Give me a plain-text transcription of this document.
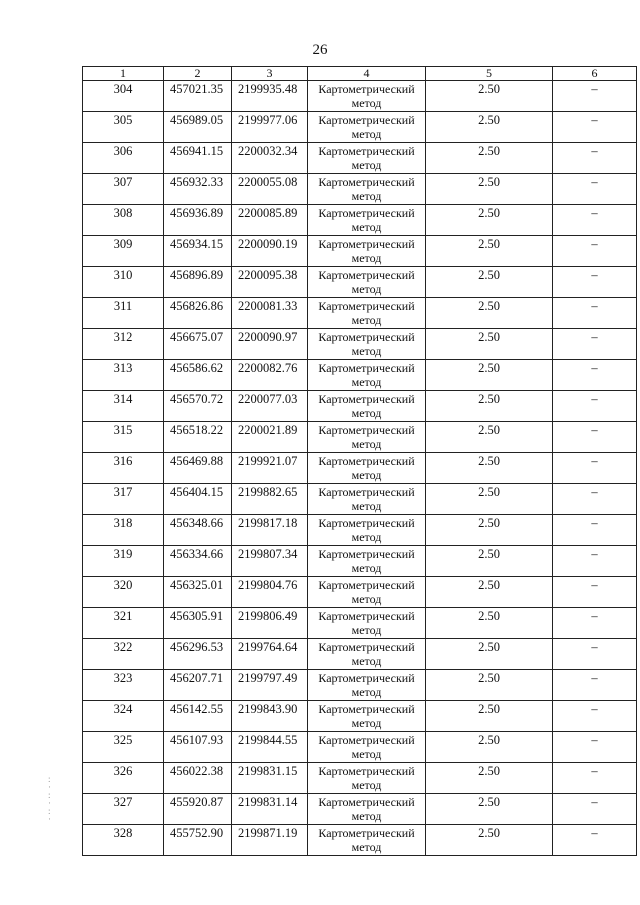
26
1	2	3	4	5	6
304	457021.35	2199935.48	Картометрический метод	2.50	–
305	456989.05	2199977.06	Картометрический метод	2.50	–
306	456941.15	2200032.34	Картометрический метод	2.50	–
307	456932.33	2200055.08	Картометрический метод	2.50	–
308	456936.89	2200085.89	Картометрический метод	2.50	–
309	456934.15	2200090.19	Картометрический метод	2.50	–
310	456896.89	2200095.38	Картометрический метод	2.50	–
311	456826.86	2200081.33	Картометрический метод	2.50	–
312	456675.07	2200090.97	Картометрический метод	2.50	–
313	456586.62	2200082.76	Картометрический метод	2.50	–
314	456570.72	2200077.03	Картометрический метод	2.50	–
315	456518.22	2200021.89	Картометрический метод	2.50	–
316	456469.88	2199921.07	Картометрический метод	2.50	–
317	456404.15	2199882.65	Картометрический метод	2.50	–
318	456348.66	2199817.18	Картометрический метод	2.50	–
319	456334.66	2199807.34	Картометрический метод	2.50	–
320	456325.01	2199804.76	Картометрический метод	2.50	–
321	456305.91	2199806.49	Картометрический метод	2.50	–
322	456296.53	2199764.64	Картометрический метод	2.50	–
323	456207.71	2199797.49	Картометрический метод	2.50	–
324	456142.55	2199843.90	Картометрический метод	2.50	–
325	456107.93	2199844.55	Картометрический метод	2.50	–
326	456022.38	2199831.15	Картометрический метод	2.50	–
327	455920.87	2199831.14	Картометрический метод	2.50	–
328	455752.90	2199871.19	Картометрический метод	2.50	–
:
·
:
·
:
·
